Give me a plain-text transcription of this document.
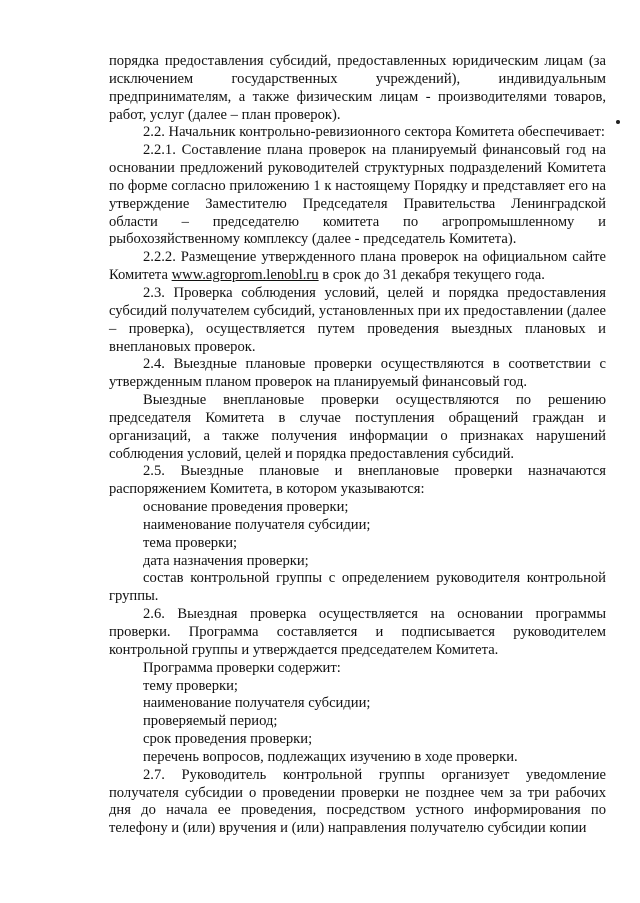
порядка предоставления субсидий, предоставленных юридическим лицам (за исключением государственных учреждений), индивидуальным предпринимателям, а также физическим лицам - производителями товаров, работ, услуг (далее – план проверок).

2.2. Начальник контрольно-ревизионного сектора Комитета обеспечивает:

2.2.1. Составление плана проверок на планируемый финансовый год на основании предложений руководителей структурных подразделений Комитета по форме согласно приложению 1 к настоящему Порядку и представляет его на утверждение Заместителю Председателя Правительства Ленинградской области – председателю комитета по агропромышленному и рыбохозяйственному комплексу (далее - председатель Комитета).

2.2.2. Размещение утвержденного плана проверок на официальном сайте Комитета www.agroprom.lenobl.ru в срок до 31 декабря текущего года.

2.3. Проверка соблюдения условий, целей и порядка предоставления субсидий получателем субсидий, установленных при их предоставлении (далее – проверка), осуществляется путем проведения выездных плановых и внеплановых проверок.

2.4. Выездные плановые проверки осуществляются в соответствии с утвержденным планом проверок на планируемый финансовый год.

Выездные внеплановые проверки осуществляются по решению председателя Комитета в случае поступления обращений граждан и организаций, а также получения информации о признаках нарушений соблюдения условий, целей и порядка предоставления субсидий.

2.5. Выездные плановые и внеплановые проверки назначаются распоряжением Комитета, в котором указываются:

основание проведения проверки;

наименование получателя субсидии;

тема проверки;

дата назначения проверки;

состав контрольной группы с определением руководителя контрольной группы.

2.6. Выездная проверка осуществляется на основании программы проверки. Программа составляется и подписывается руководителем контрольной группы и утверждается председателем Комитета.

Программа проверки содержит:

тему проверки;

наименование получателя субсидии;

проверяемый период;

срок проведения проверки;

перечень вопросов, подлежащих изучению в ходе проверки.

2.7. Руководитель контрольной группы организует уведомление получателя субсидии о проведении проверки не позднее чем за три рабочих дня до начала ее проведения, посредством устного информирования по телефону и (или) вручения и (или) направления получателю субсидии копии
